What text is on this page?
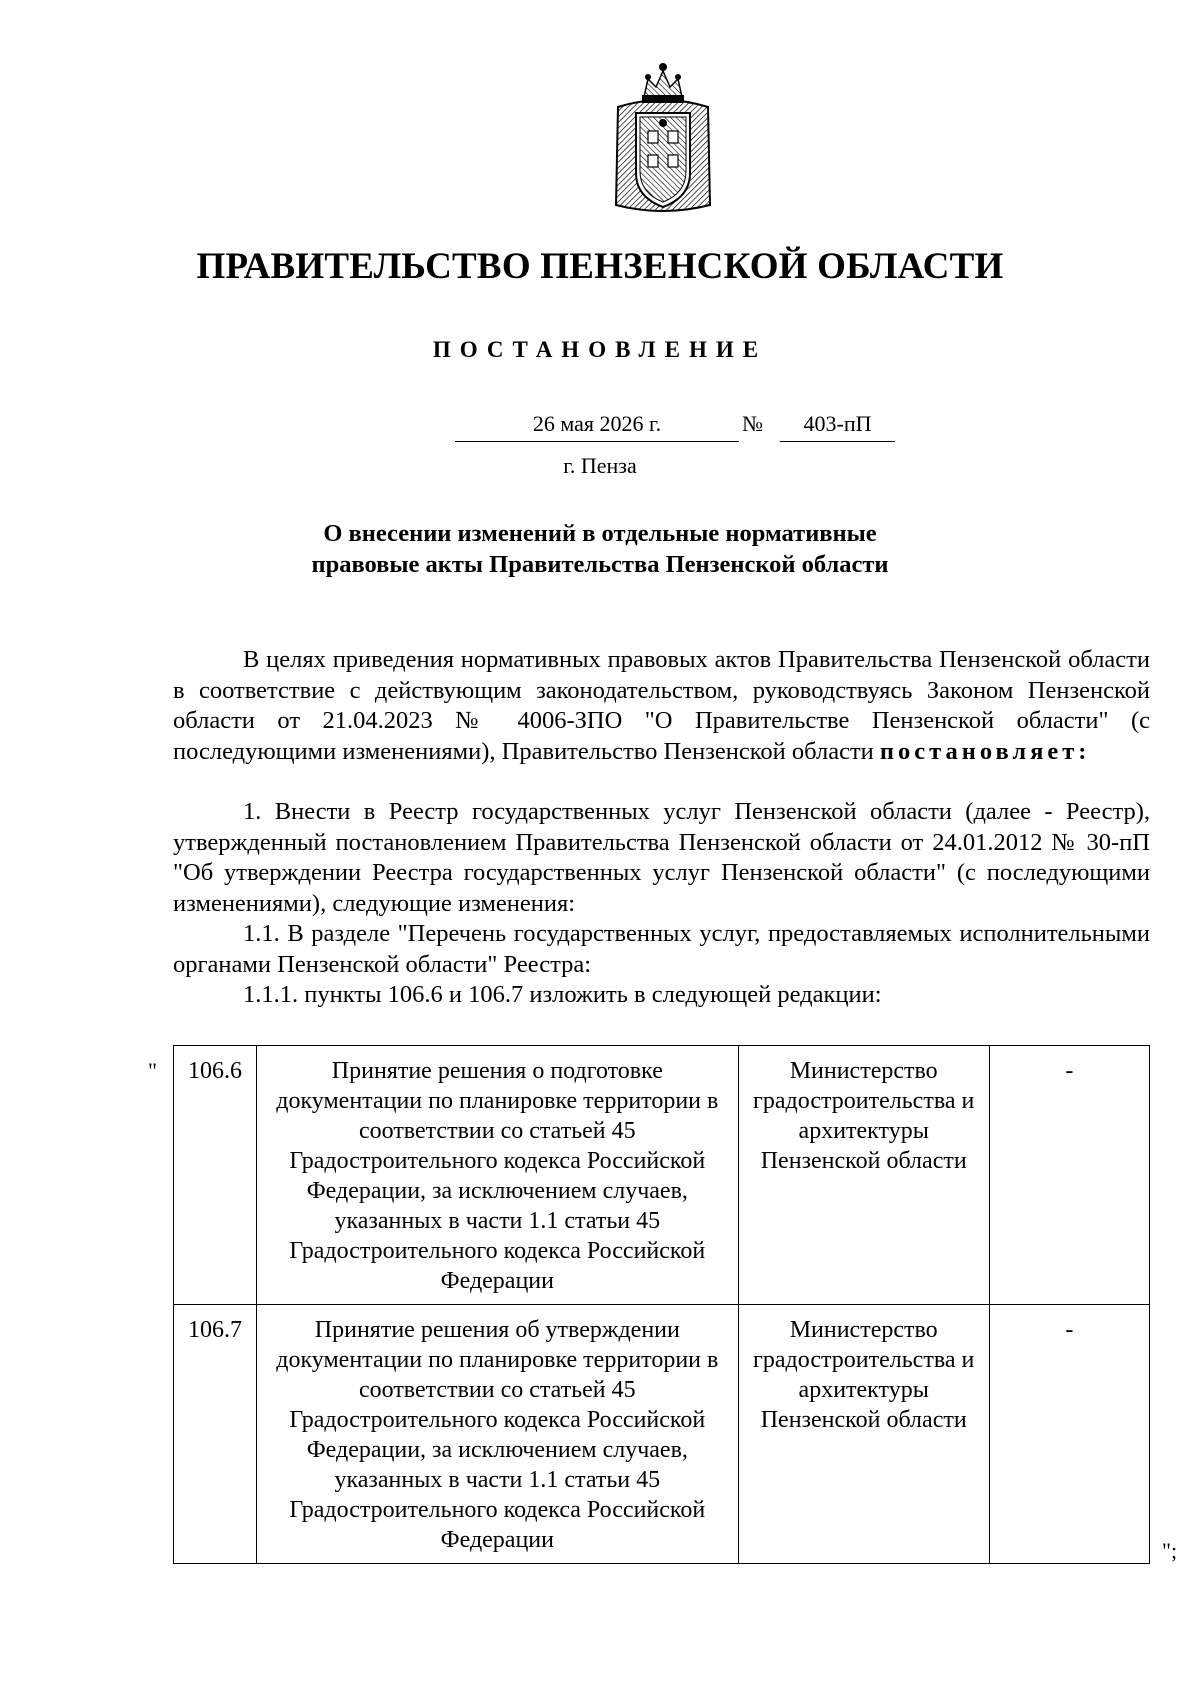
ПРАВИТЕЛЬСТВО ПЕНЗЕНСКОЙ ОБЛАСТИ
ПОСТАНОВЛЕНИЕ
26 мая 2026 г.	№	403-пП
г. Пенза
О внесении изменений в отдельные нормативные
правовые акты Правительства Пензенской области
В целях приведения нормативных правовых актов Правительства Пензенской области в соответствие с действующим законодательством, руководствуясь Законом Пензенской области от 21.04.2023 № 4006-ЗПО "О Правительстве Пензенской области" (с последующими изменениями), Правительство Пензенской области постановляет:
1. Внести в Реестр государственных услуг Пензенской области (далее - Реестр), утвержденный постановлением Правительства Пензенской области от 24.01.2012 № 30-пП "Об утверждении Реестра государственных услуг Пензенской области" (с последующими изменениями), следующие изменения:
1.1. В разделе "Перечень государственных услуг, предоставляемых исполнительными органами Пензенской области" Реестра:
1.1.1. пункты 106.6 и 106.7 изложить в следующей редакции:
" 106.6	Принятие решения о подготовке документации по планировке территории в соответствии со статьей 45 Градостроительного кодекса Российской Федерации, за исключением случаев, указанных в части 1.1 статьи 45 Градостроительного кодекса Российской Федерации	Министерство градостроительства и архитектуры Пензенской области	-
106.7	Принятие решения об утверждении документации по планировке территории в соответствии со статьей 45 Градостроительного кодекса Российской Федерации, за исключением случаев, указанных в части 1.1 статьи 45 Градостроительного кодекса Российской Федерации	Министерство градостроительства и архитектуры Пензенской области	-
";
